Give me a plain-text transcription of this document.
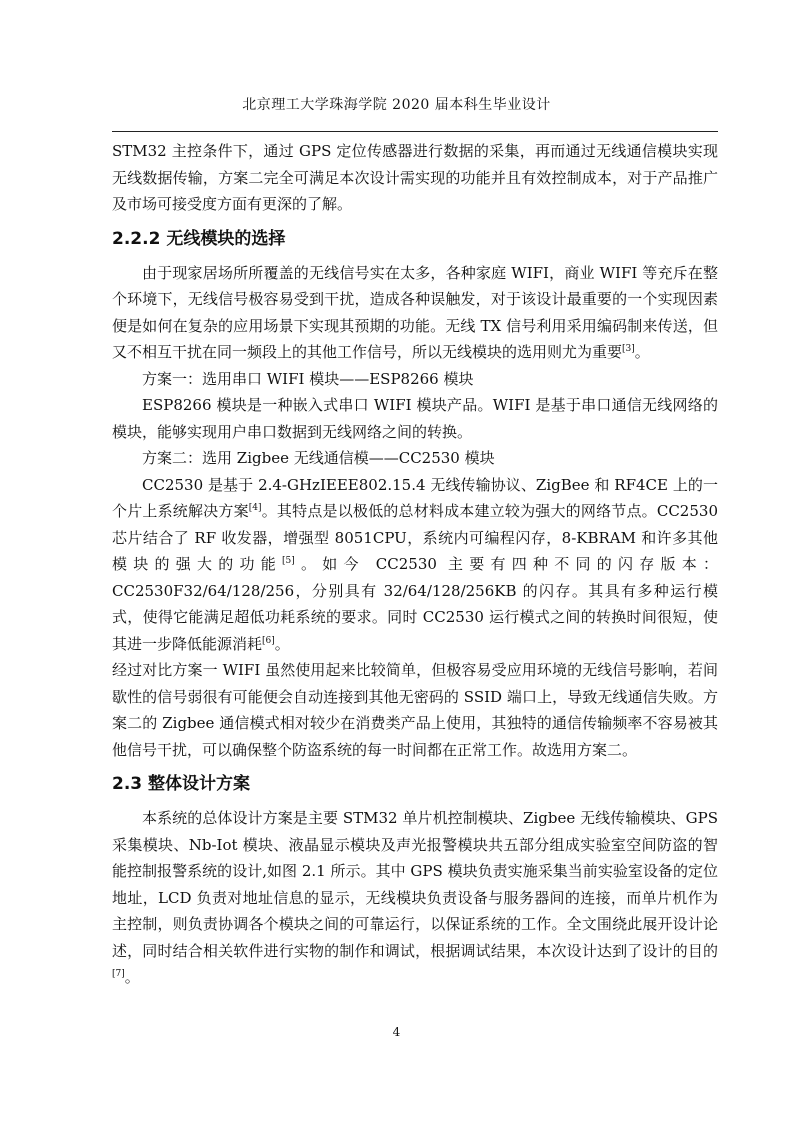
北京理工大学珠海学院 2020 届本科生毕业设计

STM32 主控条件下，通过 GPS 定位传感器进行数据的采集，再而通过无线通信模块实现无线数据传输，方案二完全可满足本次设计需实现的功能并且有效控制成本，对于产品推广及市场可接受度方面有更深的了解。

2.2.2 无线模块的选择

由于现家居场所所覆盖的无线信号实在太多，各种家庭 WIFI，商业 WIFI 等充斥在整个环境下，无线信号极容易受到干扰，造成各种误触发，对于该设计最重要的一个实现因素便是如何在复杂的应用场景下实现其预期的功能。无线 TX 信号利用采用编码制来传送，但又不相互干扰在同一频段上的其他工作信号，所以无线模块的选用则尤为重要[3]。

方案一：选用串口 WIFI 模块——ESP8266 模块

ESP8266 模块是一种嵌入式串口 WIFI 模块产品。WIFI 是基于串口通信无线网络的模块，能够实现用户串口数据到无线网络之间的转换。

方案二：选用 Zigbee 无线通信模——CC2530 模块

CC2530 是基于 2.4-GHzIEEE802.15.4 无线传输协议、ZigBee 和 RF4CE 上的一个片上系统解决方案[4]。其特点是以极低的总材料成本建立较为强大的网络节点。CC2530 芯片结合了 RF 收发器，增强型 8051CPU，系统内可编程闪存，8-KBRAM 和许多其他模块的强大的功能[5]。如今 CC2530 主要有四种不同的闪存版本：CC2530F32/64/128/256，分别具有 32/64/128/256KB 的闪存。其具有多种运行模式，使得它能满足超低功耗系统的要求。同时 CC2530 运行模式之间的转换时间很短，使其进一步降低能源消耗[6]。

经过对比方案一 WIFI 虽然使用起来比较简单，但极容易受应用环境的无线信号影响，若间歇性的信号弱很有可能便会自动连接到其他无密码的 SSID 端口上，导致无线通信失败。方案二的 Zigbee 通信模式相对较少在消费类产品上使用，其独特的通信传输频率不容易被其他信号干扰，可以确保整个防盗系统的每一时间都在正常工作。故选用方案二。

2.3 整体设计方案

本系统的总体设计方案是主要 STM32 单片机控制模块、Zigbee 无线传输模块、GPS 采集模块、Nb-Iot 模块、液晶显示模块及声光报警模块共五部分组成实验室空间防盗的智能控制报警系统的设计,如图 2.1 所示。其中 GPS 模块负责实施采集当前实验室设备的定位地址，LCD 负责对地址信息的显示，无线模块负责设备与服务器间的连接，而单片机作为主控制，则负责协调各个模块之间的可靠运行，以保证系统的工作。全文围绕此展开设计论述，同时结合相关软件进行实物的制作和调试，根据调试结果，本次设计达到了设计的目的[7]。

4
